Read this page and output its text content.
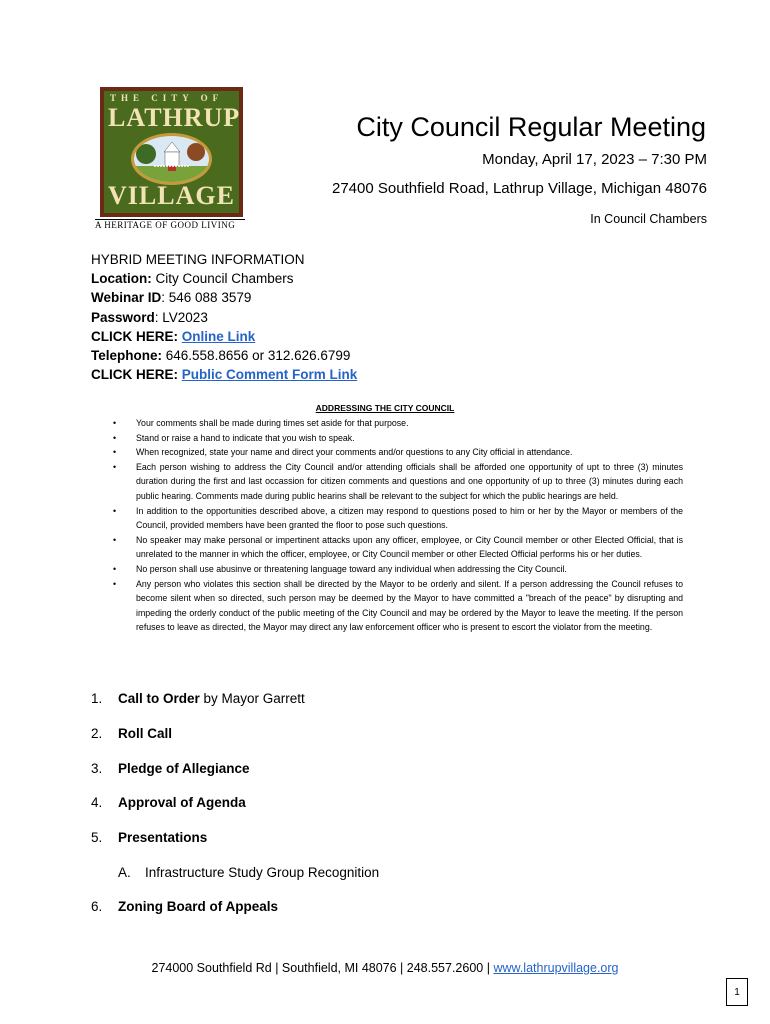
THE CITY OF
LATHRUP
VILLAGE
A HERITAGE OF GOOD LIVING
City Council Regular Meeting
Monday, April 17, 2023 – 7:30 PM
27400 Southfield Road, Lathrup Village, Michigan 48076
In Council Chambers
HYBRID MEETING INFORMATION
Location: City Council Chambers
Webinar ID: 546 088 3579
Password: LV2023
CLICK HERE: Online Link
Telephone: 646.558.8656 or 312.626.6799
CLICK HERE: Public Comment Form Link
ADDRESSING THE CITY COUNCIL
• Your comments shall be made during times set aside for that purpose.
• Stand or raise a hand to indicate that you wish to speak.
• When recognized, state your name and direct your comments and/or questions to any City official in attendance.
• Each person wishing to address the City Council and/or attending officials shall be afforded one opportunity of upt to three (3) minutes duration during the first and last occassion for citizen comments and questions and one opportunity of up to three (3) minutes during each public hearing. Comments made during public hearins shall be relevant to the subject for which the public hearings are held.
• In addition to the opportunities described above, a citizen may respond to questions posed to him or her by the Mayor or members of the Council, provided members have been granted the floor to pose such questions.
• No speaker may make personal or impertinent attacks upon any officer, employee, or City Council member or other Elected Official, that is unrelated to the manner in which the officer, employee, or City Council member or other Elected Official performs his or her duties.
• No person shall use abusinve or threatening language toward any individual when addressing the City Council.
• Any person who violates this section shall be directed by the Mayor to be orderly and silent. If a person addressing the Council refuses to become silent when so directed, such person may be deemed by the Mayor to have committed a "breach of the peace" by disrupting and impeding the orderly conduct of the public meeting of the City Council and may be ordered by the Mayor to leave the meeting. If the person refuses to leave as directed, the Mayor may direct any law enforcement officer who is present to escort the violator from the meeting.
1. Call to Order by Mayor Garrett
2. Roll Call
3. Pledge of Allegiance
4. Approval of Agenda
5. Presentations
A. Infrastructure Study Group Recognition
6. Zoning Board of Appeals
274000 Southfield Rd | Southfield, MI 48076 | 248.557.2600 | www.lathrupvillage.org
1
